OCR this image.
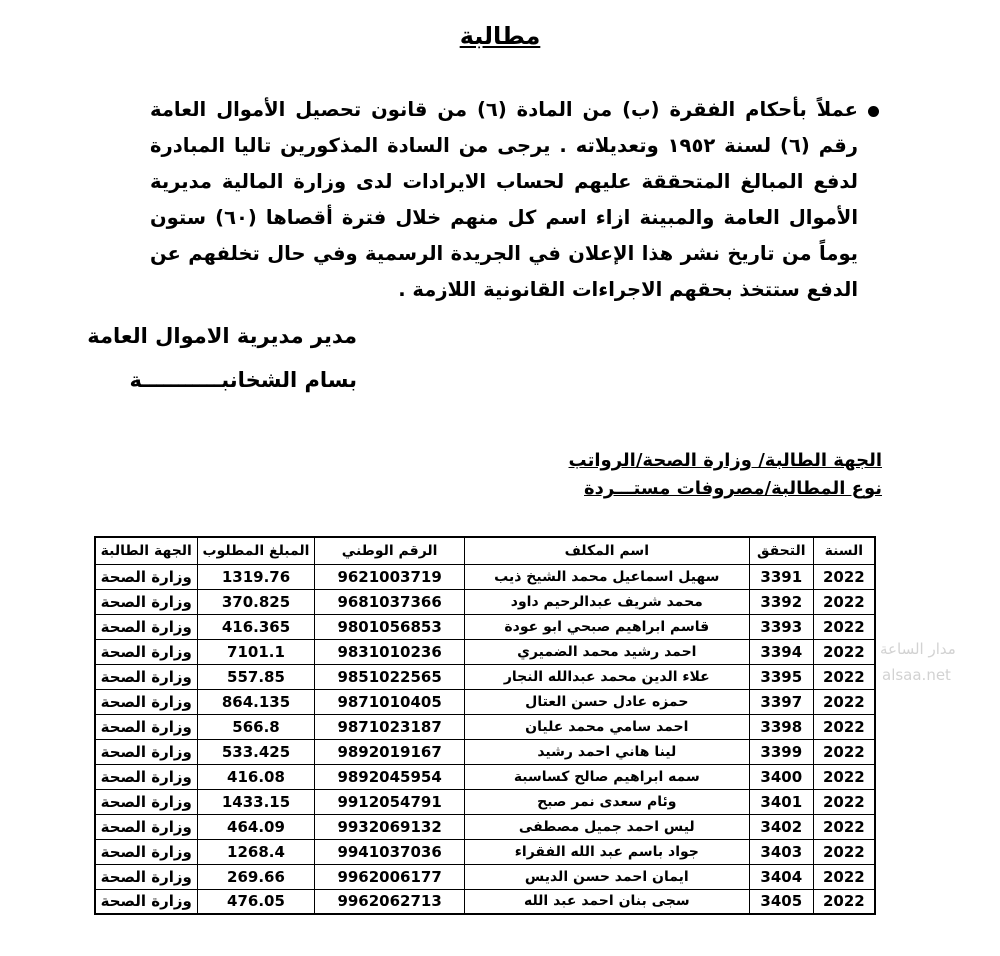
مطالبة
عملاً بأحكام الفقرة (ب) من المادة (٦) من قانون تحصيل الأموال العامة رقم (٦) لسنة ١٩٥٢ وتعديلاته . يرجى من السادة المذكورين تاليا المبادرة لدفع المبالغ المتحققة عليهم لحساب الايرادات لدى وزارة المالية مديرية الأموال العامة والمبينة ازاء اسم كل منهم خلال فترة أقصاها (٦٠) ستون يوماً من تاريخ نشر هذا الإعلان في الجريدة الرسمية وفي حال تخلفهم عن الدفع ستتخذ بحقهم الاجراءات القانونية اللازمة .
مدير مديرية الاموال العامة
بسام الشخانبـــــــــــة
الجهة الطالبة/ وزارة الصحة/الرواتب
نوع المطالبة/مصروفات مستـــردة
السنة	التحقق	اسم المكلف	الرقم الوطني	المبلغ المطلوب	الجهة الطالبة
2022	3391	سهيل اسماعيل محمد الشيخ ذيب	9621003719	1319.76	وزارة الصحة
2022	3392	محمد شريف عبدالرحيم داود	9681037366	370.825	وزارة الصحة
2022	3393	قاسم ابراهيم صبحي ابو عودة	9801056853	416.365	وزارة الصحة
2022	3394	احمد رشيد محمد الضميري	9831010236	7101.1	وزارة الصحة
2022	3395	علاء الدين محمد عبدالله النجار	9851022565	557.85	وزارة الصحة
2022	3397	حمزه عادل حسن العتال	9871010405	864.135	وزارة الصحة
2022	3398	احمد سامي محمد عليان	9871023187	566.8	وزارة الصحة
2022	3399	لينا هاني احمد رشيد	9892019167	533.425	وزارة الصحة
2022	3400	سمه ابراهيم صالح كساسبة	9892045954	416.08	وزارة الصحة
2022	3401	وئام سعدى نمر صبح	9912054791	1433.15	وزارة الصحة
2022	3402	ليس احمد جميل مصطفى	9932069132	464.09	وزارة الصحة
2022	3403	جواد باسم عبد الله الفقراء	9941037036	1268.4	وزارة الصحة
2022	3404	ايمان احمد حسن الديس	9962006177	269.66	وزارة الصحة
2022	3405	سجى بنان احمد عبد الله	9962062713	476.05	وزارة الصحة
مدار الساعة
alsaa.net
